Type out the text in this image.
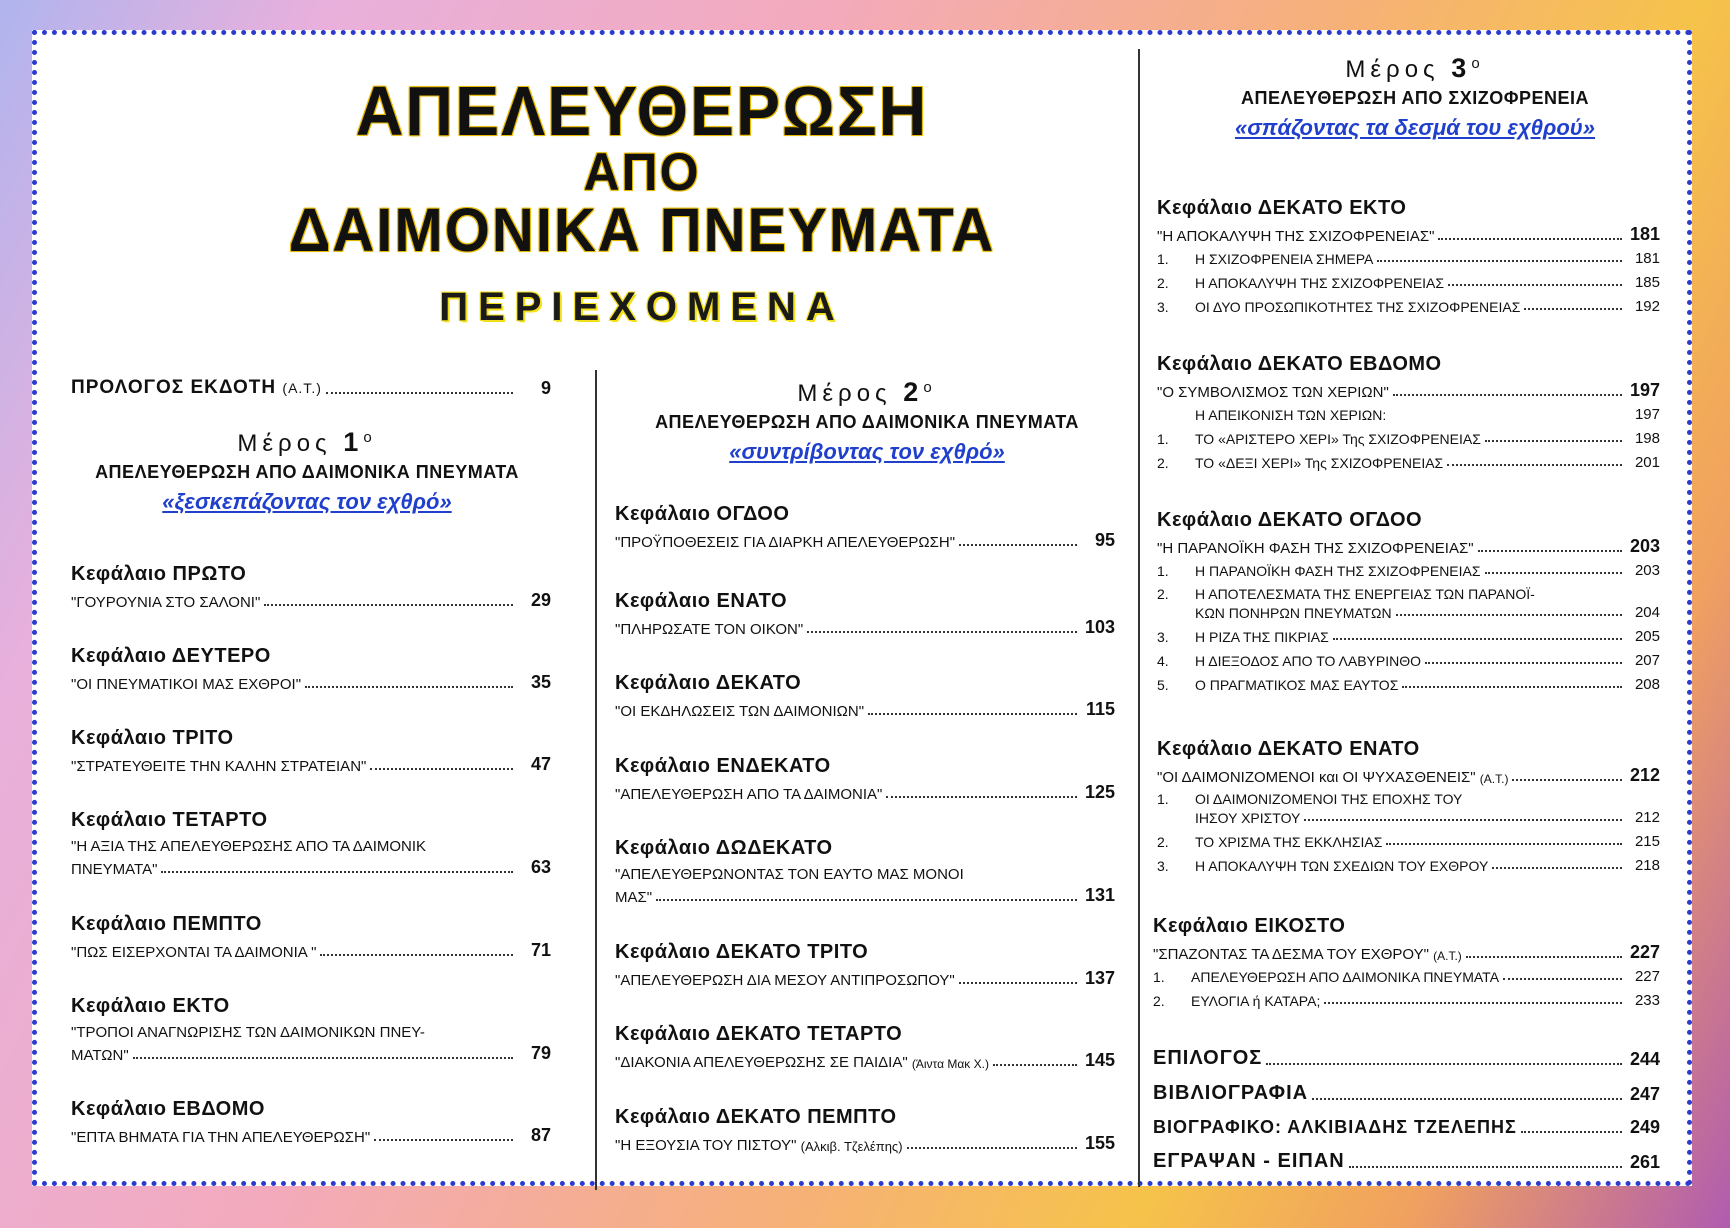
ΑΠΕΛΕΥΘΕΡΩΣΗ
ΑΠΟ
ΔΑΙΜΟΝΙΚΑ ΠΝΕΥΜΑΤΑ
ΠΕΡΙΕΧΟΜΕΝΑ
ΠΡΟΛΟΓΟΣ ΕΚΔΟΤΗ (Α.Τ.)	9
Μέρος $1^o$
ΑΠΕΛΕΥΘΕΡΩΣΗ ΑΠΟ ΔΑΙΜΟΝΙΚΑ ΠΝΕΥΜΑΤΑ
«ξεσκεπάζοντας τον εχθρό»
Κεφάλαιο ΠΡΩΤΟ
"ΓΟΥΡΟΥΝΙΑ ΣΤΟ ΣΑΛΟΝΙ"	29
Κεφάλαιο ΔΕΥΤΕΡΟ
"ΟΙ ΠΝΕΥΜΑΤΙΚΟΙ ΜΑΣ ΕΧΘΡΟΙ"	35
Κεφάλαιο ΤΡΙΤΟ
"ΣΤΡΑΤΕΥΘΕΙΤΕ ΤΗΝ ΚΑΛΗΝ ΣΤΡΑΤΕΙΑΝ"	47
Κεφάλαιο ΤΕΤΑΡΤΟ
"Η ΑΞΙΑ ΤΗΣ ΑΠΕΛΕΥΘΕΡΩΣΗΣ ΑΠΟ ΤΑ ΔΑΙΜΟΝΙΚ
ΠΝΕΥΜΑΤΑ"	63
Κεφάλαιο ΠΕΜΠΤΟ
"ΠΩΣ ΕΙΣΕΡΧΟΝΤΑΙ ΤΑ ΔΑΙΜΟΝΙΑ "	71
Κεφάλαιο ΕΚΤΟ
"ΤΡΟΠΟΙ ΑΝΑΓΝΩΡΙΣΗΣ ΤΩΝ ΔΑΙΜΟΝΙΚΩΝ ΠΝΕΥ-
ΜΑΤΩΝ"	79
Κεφάλαιο ΕΒΔΟΜΟ
"ΕΠΤΑ ΒΗΜΑΤΑ ΓΙΑ ΤΗΝ ΑΠΕΛΕΥΘΕΡΩΣΗ"	87
Μέρος $2^o$
ΑΠΕΛΕΥΘΕΡΩΣΗ ΑΠΟ ΔΑΙΜΟΝΙΚΑ ΠΝΕΥΜΑΤΑ
«συντρίβοντας τον εχθρό»
Κεφάλαιο ΟΓΔΟΟ
"ΠΡΟΫΠΟΘΕΣΕΙΣ ΓΙΑ ΔΙΑΡΚΗ ΑΠΕΛΕΥΘΕΡΩΣΗ"	95
Κεφάλαιο ΕΝΑΤΟ
"ΠΛΗΡΩΣΑΤΕ ΤΟΝ ΟΙΚΟΝ"	103
Κεφάλαιο ΔΕΚΑΤΟ
"ΟΙ ΕΚΔΗΛΩΣΕΙΣ ΤΩΝ ΔΑΙΜΟΝΙΩΝ"	115
Κεφάλαιο ΕΝΔΕΚΑΤΟ
"ΑΠΕΛΕΥΘΕΡΩΣΗ ΑΠΟ ΤΑ ΔΑΙΜΟΝΙΑ"	125
Κεφάλαιο ΔΩΔΕΚΑΤΟ
"ΑΠΕΛΕΥΘΕΡΩΝΟΝΤΑΣ ΤΟΝ ΕΑΥΤΟ ΜΑΣ ΜΟΝΟΙ
ΜΑΣ"	131
Κεφάλαιο ΔΕΚΑΤΟ ΤΡΙΤΟ
"ΑΠΕΛΕΥΘΕΡΩΣΗ ΔΙΑ ΜΕΣΟΥ ΑΝΤΙΠΡΟΣΩΠΟΥ"	137
Κεφάλαιο ΔΕΚΑΤΟ ΤΕΤΑΡΤΟ
"ΔΙΑΚΟΝΙΑ ΑΠΕΛΕΥΘΕΡΩΣΗΣ ΣΕ ΠΑΙΔΙΑ"
(Άιντα Μακ Χ.)	145
Κεφάλαιο ΔΕΚΑΤΟ ΠΕΜΠΤΟ
"Η ΕΞΟΥΣΙΑ ΤΟΥ ΠΙΣΤΟΥ"
(Αλκιβ. Τζελέπης)	155
Μέρος $3^o$
ΑΠΕΛΕΥΘΕΡΩΣΗ ΑΠΟ ΣΧΙΖΟΦΡΕΝΕΙΑ
«σπάζοντας τα δεσμά του εχθρού»
Κεφάλαιο ΔΕΚΑΤΟ ΕΚΤΟ
"Η ΑΠΟΚΑΛΥΨΗ ΤΗΣ ΣΧΙΖΟΦΡΕΝΕΙΑΣ"	181
1.	Η ΣΧΙΖΟΦΡΕΝΕΙΑ ΣΗΜΕΡΑ	181
2.	Η ΑΠΟΚΑΛΥΨΗ ΤΗΣ ΣΧΙΖΟΦΡΕΝΕΙΑΣ	185
3.	ΟΙ ΔΥΟ ΠΡΟΣΩΠΙΚΟΤΗΤΕΣ ΤΗΣ ΣΧΙΖΟΦΡΕΝΕΙΑΣ	192
Κεφάλαιο ΔΕΚΑΤΟ ΕΒΔΟΜΟ
"Ο ΣΥΜΒΟΛΙΣΜΟΣ ΤΩΝ ΧΕΡΙΩΝ"	197
Η ΑΠΕΙΚΟΝΙΣΗ ΤΩΝ ΧΕΡΙΩΝ:	197
1.	ΤΟ «ΑΡΙΣΤΕΡΟ ΧΕΡΙ» Της ΣΧΙΖΟΦΡΕΝΕΙΑΣ	198
2.	ΤΟ «ΔΕΞΙ ΧΕΡΙ» Της ΣΧΙΖΟΦΡΕΝΕΙΑΣ	201
Κεφάλαιο ΔΕΚΑΤΟ ΟΓΔΟΟ
"Η ΠΑΡΑΝΟΪΚΗ ΦΑΣΗ ΤΗΣ ΣΧΙΖΟΦΡΕΝΕΙΑΣ"	203
1.	Η ΠΑΡΑΝΟΪΚΗ ΦΑΣΗ ΤΗΣ ΣΧΙΖΟΦΡΕΝΕΙΑΣ	203
2.	Η ΑΠΟΤΕΛΕΣΜΑΤΑ ΤΗΣ ΕΝΕΡΓΕΙΑΣ ΤΩΝ ΠΑΡΑΝΟΪ-
ΚΩΝ ΠΟΝΗΡΩΝ ΠΝΕΥΜΑΤΩΝ	204
3.	Η ΡΙΖΑ ΤΗΣ ΠΙΚΡΙΑΣ	205
4.	Η ΔΙΕΞΟΔΟΣ ΑΠΟ ΤΟ ΛΑΒΥΡΙΝΘΟ	207
5.	Ο ΠΡΑΓΜΑΤΙΚΟΣ ΜΑΣ ΕΑΥΤΟΣ	208
Κεφάλαιο ΔΕΚΑΤΟ ΕΝΑΤΟ
"ΟΙ ΔΑΙΜΟΝΙΖΟΜΕΝΟΙ και ΟΙ ΨΥΧΑΣΘΕΝΕΙΣ"
(Α.Τ.)	212
1.	ΟΙ ΔΑΙΜΟΝΙΖΟΜΕΝΟΙ ΤΗΣ ΕΠΟΧΗΣ ΤΟΥ
ΙΗΣΟΥ ΧΡΙΣΤΟΥ	212
2.	ΤΟ ΧΡΙΣΜΑ ΤΗΣ ΕΚΚΛΗΣΙΑΣ	215
3.	Η ΑΠΟΚΑΛΥΨΗ ΤΩΝ ΣΧΕΔΙΩΝ ΤΟΥ ΕΧΘΡΟΥ	218
Κεφάλαιο ΕΙΚΟΣΤΟ
"ΣΠΑΖΟΝΤΑΣ ΤΑ ΔΕΣΜΑ ΤΟΥ ΕΧΘΡΟΥ"
(Α.Τ.)	227
1.	ΑΠΕΛΕΥΘΕΡΩΣΗ ΑΠΟ ΔΑΙΜΟΝΙΚΑ ΠΝΕΥΜΑΤΑ	227
2.	ΕΥΛΟΓΙΑ ή ΚΑΤΑΡΑ;	233
ΕΠΙΛΟΓΟΣ	244
ΒΙΒΛΙΟΓΡΑΦΙΑ	247
ΒΙΟΓΡΑΦΙΚΟ: ΑΛΚΙΒΙΑΔΗΣ ΤΖΕΛΕΠΗΣ	249
ΕΓΡΑΨΑΝ - ΕΙΠΑΝ	261
